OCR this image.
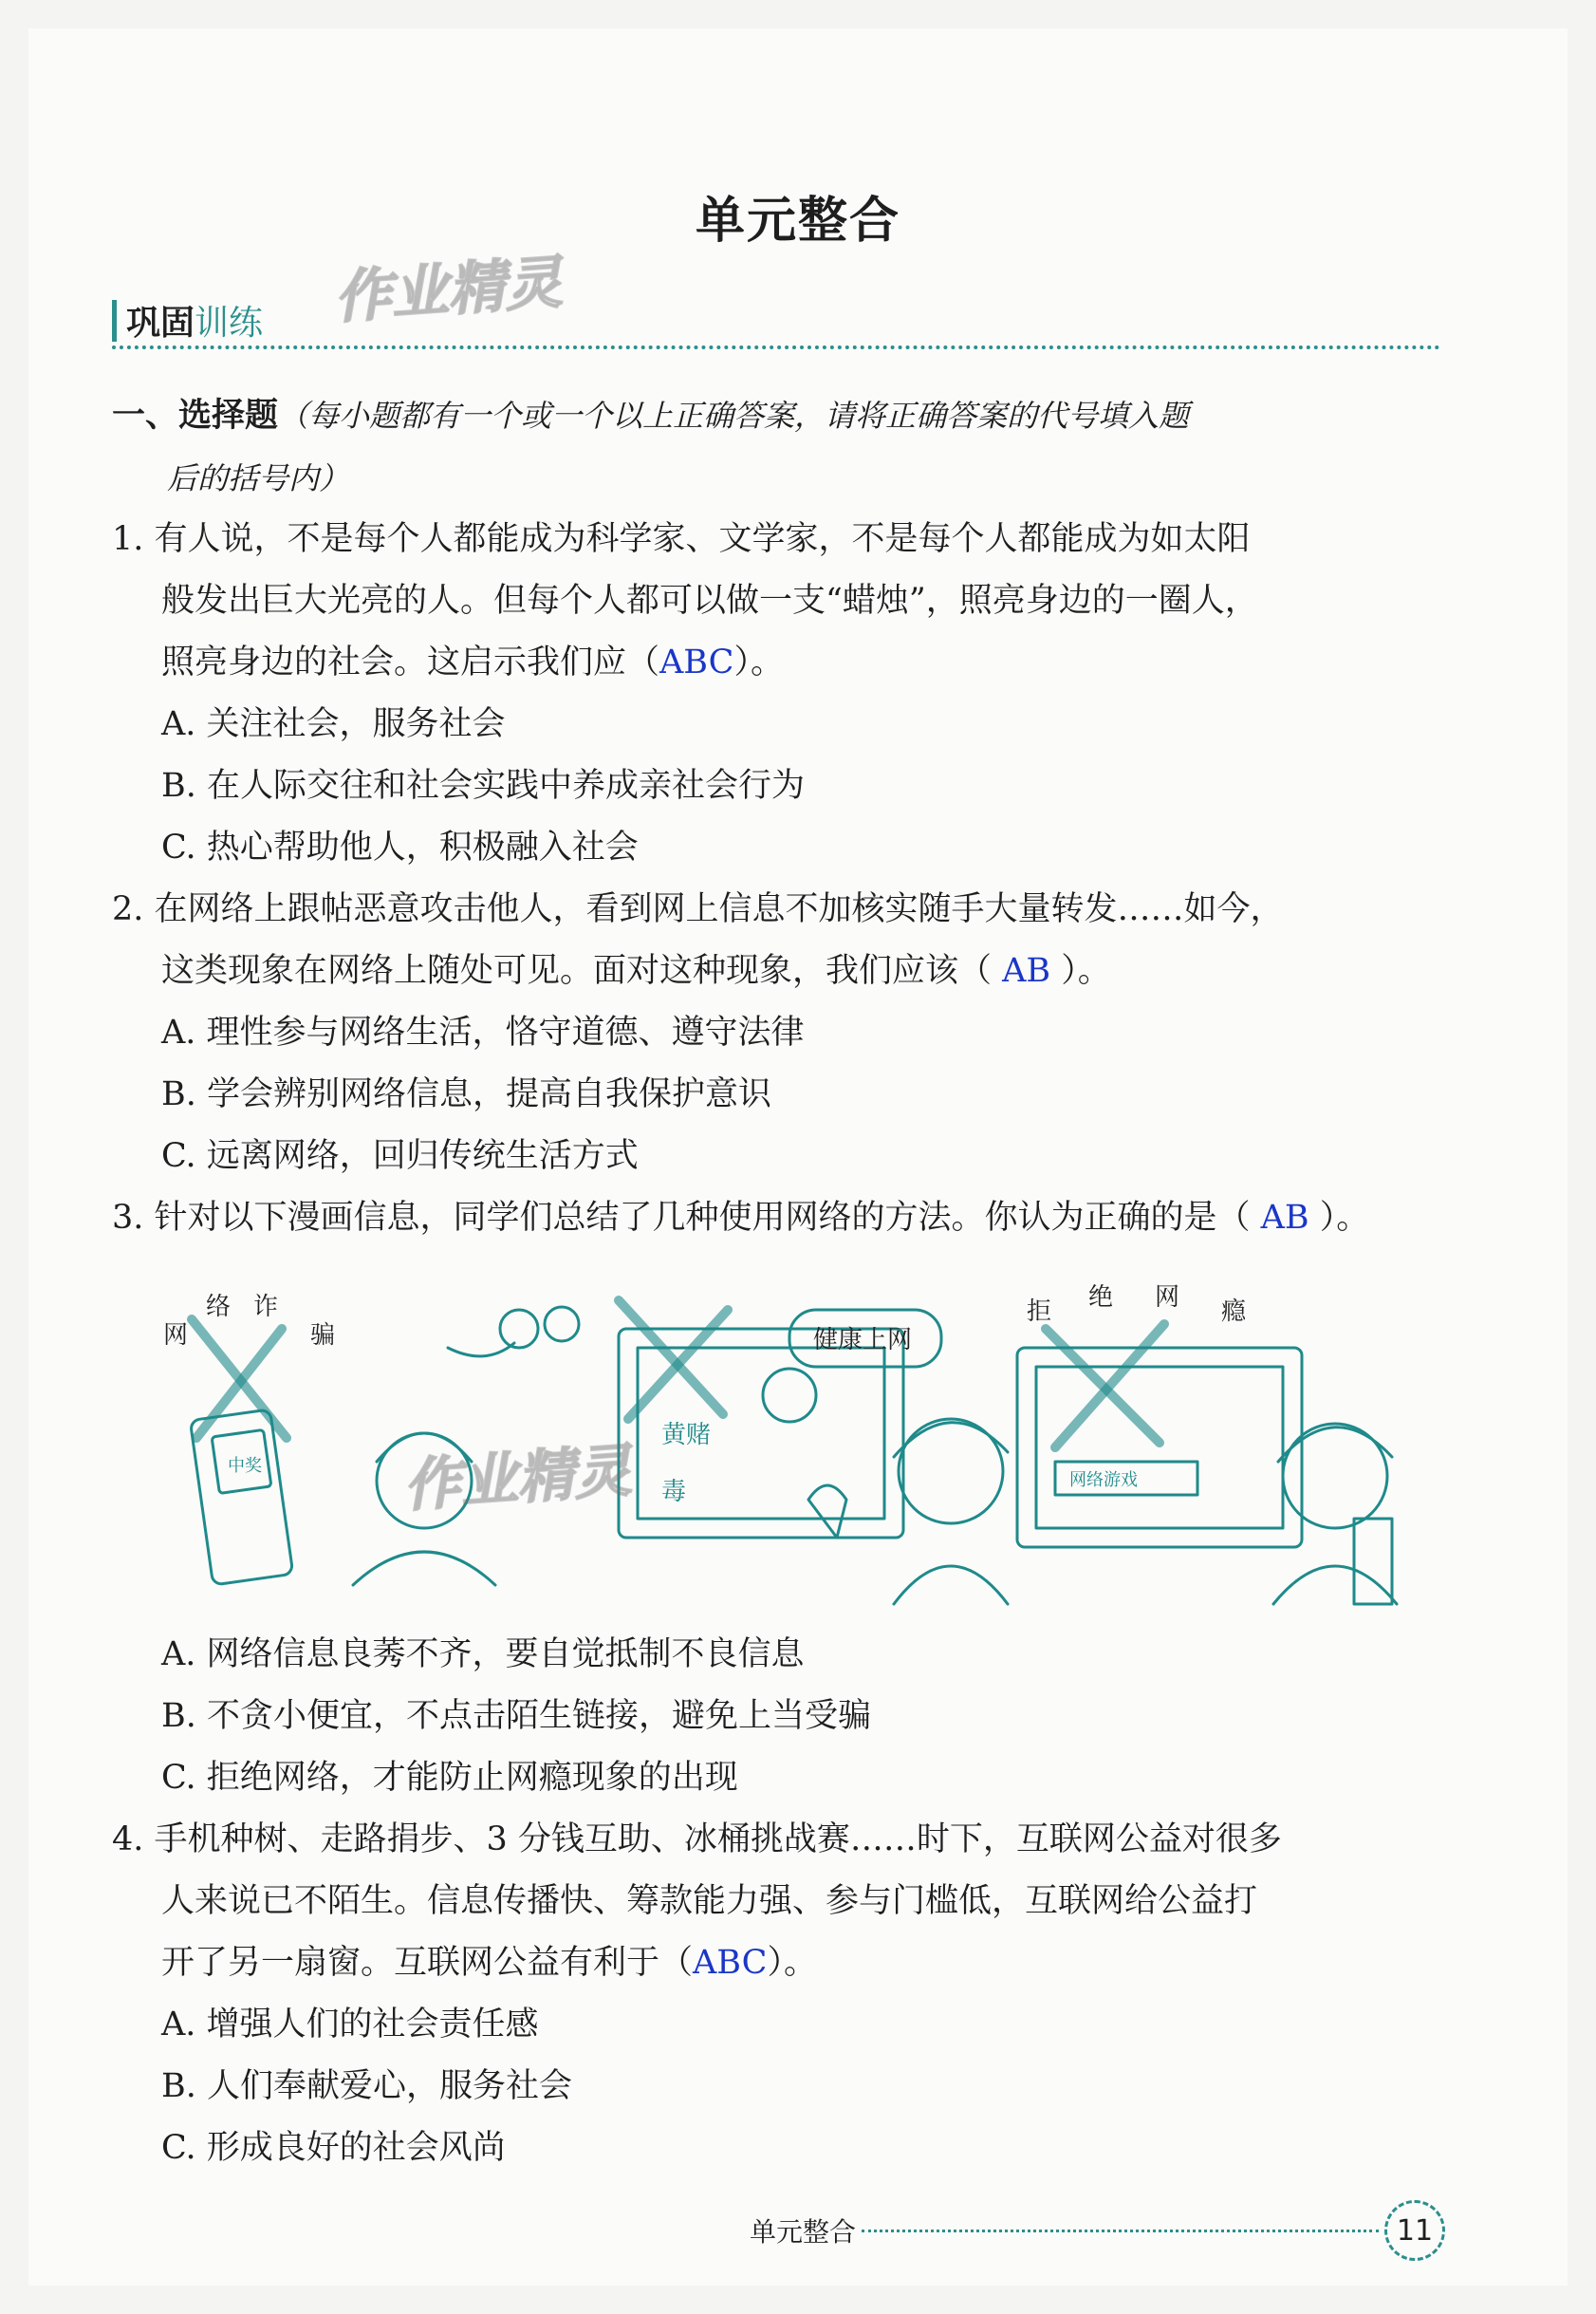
单元整合
作业精灵
巩固 训练
一、选择题（每小题都有一个或一个以上正确答案，请将正确答案的代号填入题
后的括号内）
1. 有人说，不是每个人都能成为科学家、文学家，不是每个人都能成为如太阳
般发出巨大光亮的人。但每个人都可以做一支“蜡烛”，照亮身边的一圈人，
照亮身边的社会。这启示我们应（ABC）。
A. 关注社会，服务社会
B. 在人际交往和社会实践中养成亲社会行为
C. 热心帮助他人，积极融入社会
2. 在网络上跟帖恶意攻击他人，看到网上信息不加核实随手大量转发……如今，
这类现象在网络上随处可见。面对这种现象，我们应该（ AB ）。
A. 理性参与网络生活，恪守道德、遵守法律
B. 学会辨别网络信息，提高自我保护意识
C. 远离网络，回归传统生活方式
3. 针对以下漫画信息，同学们总结了几种使用网络的方法。你认为正确的是（ AB ）。
网
络 诈
骗
中奖
健康上网
黄赌
毒
拒 绝 网 瘾
网络游戏
作业精灵
A. 网络信息良莠不齐，要自觉抵制不良信息
B. 不贪小便宜，不点击陌生链接，避免上当受骗
C. 拒绝网络，才能防止网瘾现象的出现
4. 手机种树、走路捐步、3 分钱互助、冰桶挑战赛……时下，互联网公益对很多
人来说已不陌生。信息传播快、筹款能力强、参与门槛低，互联网给公益打
开了另一扇窗。互联网公益有利于（ABC）。
A. 增强人们的社会责任感
B. 人们奉献爱心，服务社会
C. 形成良好的社会风尚
单元整合	11
